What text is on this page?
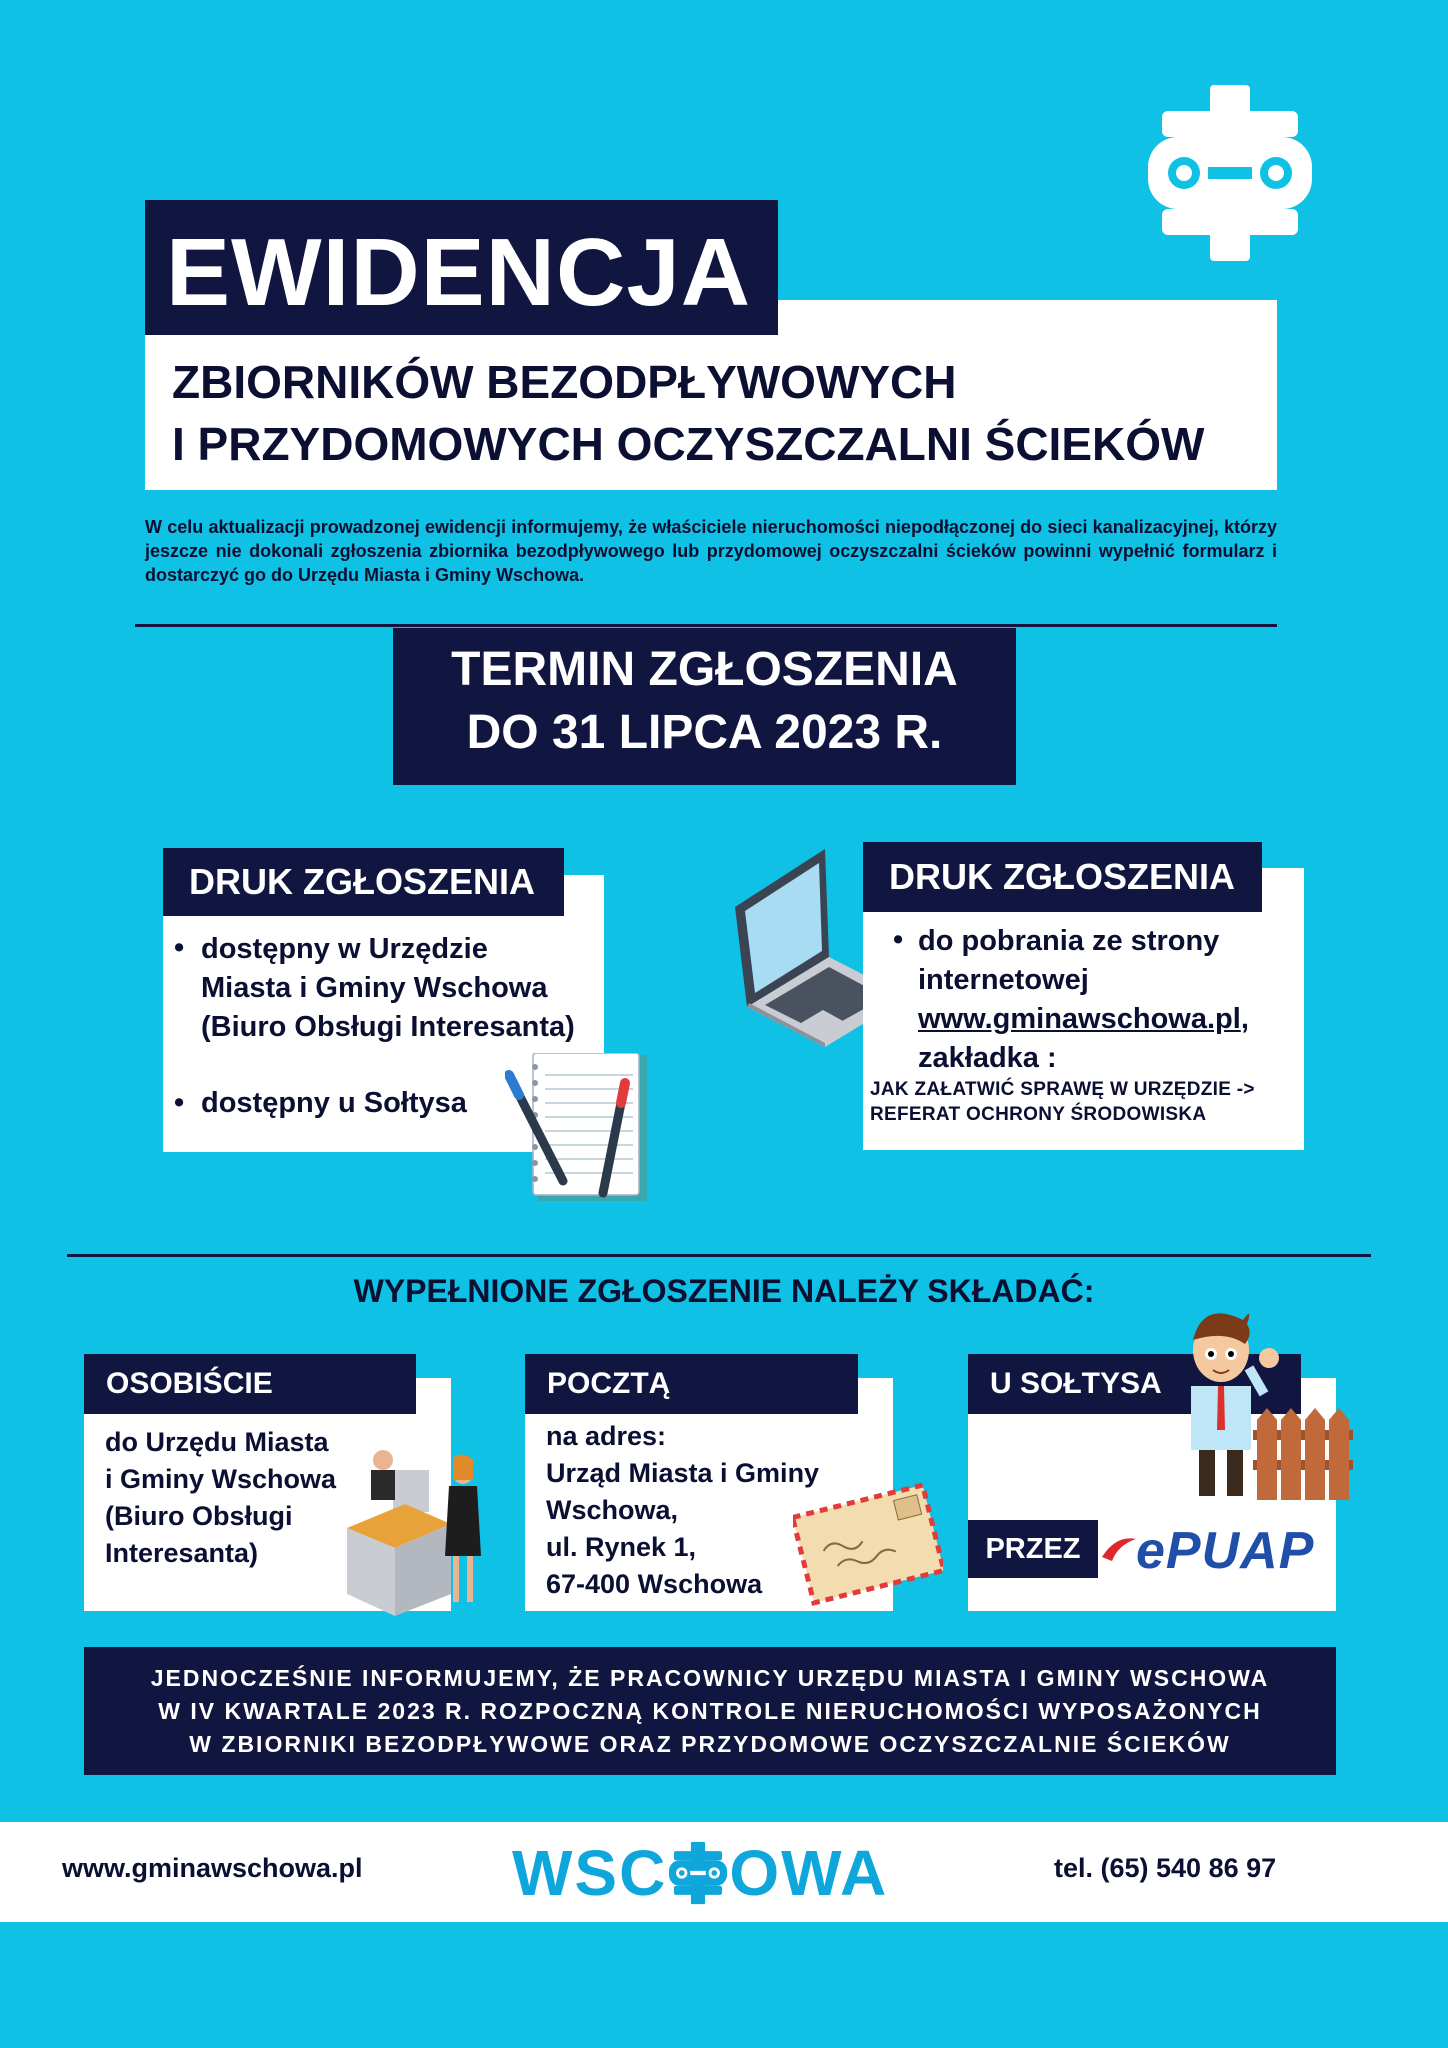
EWIDENCJA
ZBIORNIKÓW BEZODPŁYWOWYCH
I PRZYDOMOWYCH OCZYSZCZALNI ŚCIEKÓW
W celu aktualizacji prowadzonej ewidencji informujemy, że właściciele nieruchomości niepodłączonej do sieci kanalizacyjnej, którzy jeszcze nie dokonali zgłoszenia zbiornika bezodpływowego lub przydomowej oczyszczalni ścieków powinni wypełnić formularz i dostarczyć go do Urzędu Miasta i Gminy Wschowa.
TERMIN ZGŁOSZENIA
DO 31 LIPCA 2023 R.
DRUK ZGŁOSZENIA
• dostępny w Urzędzie
Miasta i Gminy Wschowa
(Biuro Obsługi Interesanta)
• dostępny u Sołtysa
DRUK ZGŁOSZENIA
• do pobrania ze strony
internetowej
www.gminawschowa.pl,
zakładka :
JAK ZAŁATWIĆ SPRAWĘ W URZĘDZIE ->
REFERAT OCHRONY ŚRODOWISKA
WYPEŁNIONE ZGŁOSZENIE NALEŻY SKŁADAĆ:
OSOBIŚCIE
do Urzędu Miasta
i Gminy Wschowa
(Biuro Obsługi
Interesanta)
POCZTĄ
na adres:
Urząd Miasta i Gminy
Wschowa,
ul. Rynek 1,
67-400 Wschowa
U SOŁTYSA
PRZEZ	ePUAP
JEDNOCZEŚNIE INFORMUJEMY, ŻE PRACOWNICY URZĘDU MIASTA I GMINY WSCHOWA
W IV KWARTALE 2023 R. ROZPOCZNĄ KONTROLE NIERUCHOMOŚCI WYPOSAŻONYCH
W ZBIORNIKI BEZODPŁYWOWE ORAZ PRZYDOMOWE OCZYSZCZALNIE ŚCIEKÓW
www.gminawschowa.pl WSC OWA	tel. (65) 540 86 97
